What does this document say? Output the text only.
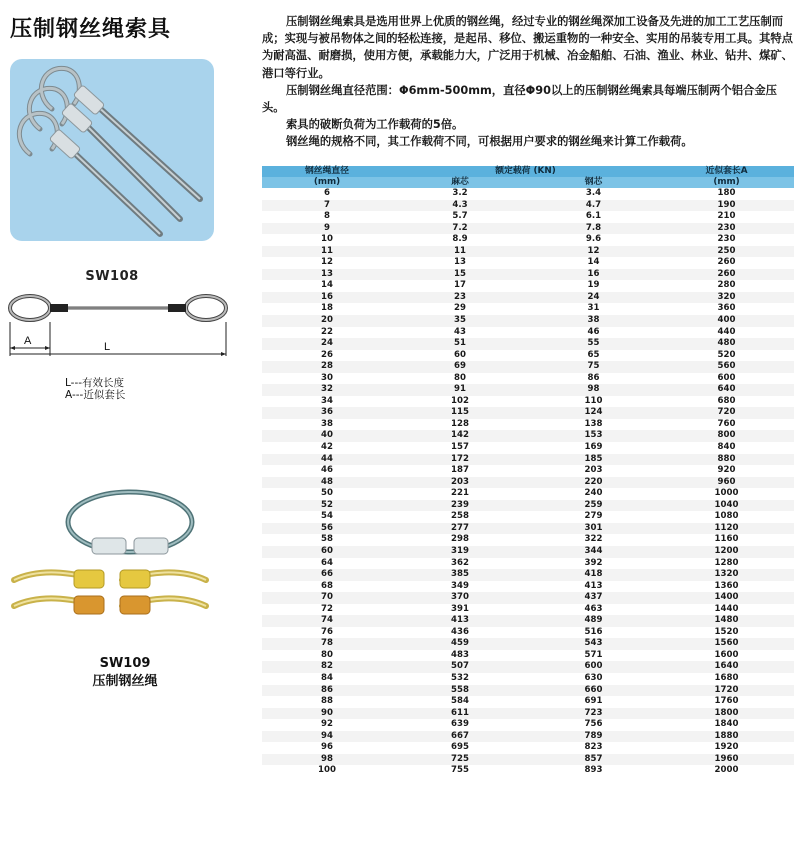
压制钢丝绳索具
SW108
A	L
L---有效长度
A---近似套长
SW109
压制钢丝绳

压制钢丝绳索具是选用世界上优质的钢丝绳，经过专业的钢丝绳深加工设备及先进的加工工艺压制而成；实现与被吊物体之间的轻松连接，是起吊、移位、搬运重物的一种安全、实用的吊装专用工具。其特点为耐高温、耐磨损，使用方便，承载能力大，广泛用于机械、冶金船舶、石油、渔业、林业、钻井、煤矿、港口等行业。

压制钢丝绳直径范围：Φ6mm-500mm，直径Φ90以上的压制钢丝绳索具每端压制两个铝合金压头。

索具的破断负荷为工作载荷的5倍。

钢丝绳的规格不同，其工作载荷不同，可根据用户要求的钢丝绳来计算工作载荷。

钢丝绳直径	额定载荷 (KN)		近似套长A
(mm)	麻芯	钢芯	(mm)
6	3.2	3.4	180
7	4.3	4.7	190
8	5.7	6.1	210
9	7.2	7.8	230
10	8.9	9.6	230
11	11	12	250
12	13	14	260
13	15	16	260
14	17	19	280
16	23	24	320
18	29	31	360
20	35	38	400
22	43	46	440
24	51	55	480
26	60	65	520
28	69	75	560
30	80	86	600
32	91	98	640
34	102	110	680
36	115	124	720
38	128	138	760
40	142	153	800
42	157	169	840
44	172	185	880
46	187	203	920
48	203	220	960
50	221	240	1000
52	239	259	1040
54	258	279	1080
56	277	301	1120
58	298	322	1160
60	319	344	1200
64	362	392	1280
66	385	418	1320
68	349	413	1360
70	370	437	1400
72	391	463	1440
74	413	489	1480
76	436	516	1520
78	459	543	1560
80	483	571	1600
82	507	600	1640
84	532	630	1680
86	558	660	1720
88	584	691	1760
90	611	723	1800
92	639	756	1840
94	667	789	1880
96	695	823	1920
98	725	857	1960
100	755	893	2000
